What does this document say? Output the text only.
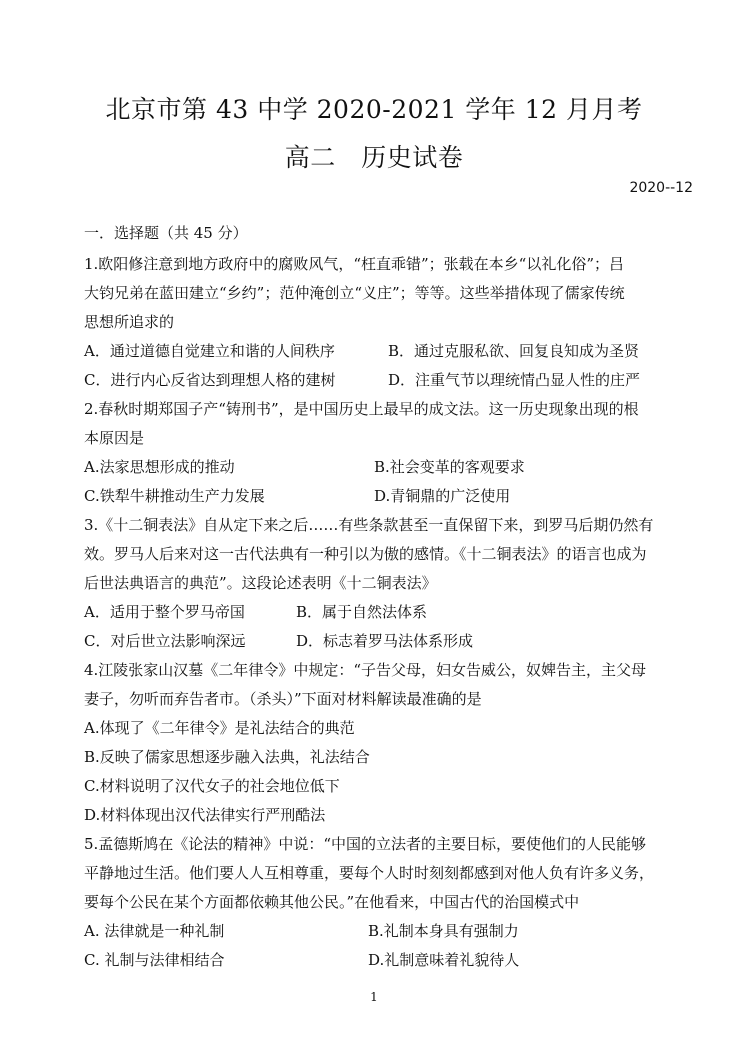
北京市第 43 中学 2020-2021 学年 12 月月考
高二　历史试卷
2020--12
一．选择题（共 45 分）
1.欧阳修注意到地方政府中的腐败风气，“枉直乖错”；张载在本乡“以礼化俗”；吕
大钧兄弟在蓝田建立“乡约”；范仲淹创立“义庄”；等等。这些举措体现了儒家传统
思想所追求的
A．通过道德自觉建立和谐的人间秩序	B．通过克服私欲、回复良知成为圣贤
C．进行内心反省达到理想人格的建树	D．注重气节以理统情凸显人性的庄严
2.春秋时期郑国子产“铸刑书”，是中国历史上最早的成文法。这一历史现象出现的根
本原因是
A.法家思想形成的推动	B.社会变革的客观要求
C.铁犁牛耕推动生产力发展	D.青铜鼎的广泛使用
3.《十二铜表法》自从定下来之后……有些条款甚至一直保留下来，到罗马后期仍然有
效。罗马人后来对这一古代法典有一种引以为傲的感情。《十二铜表法》的语言也成为
后世法典语言的典范”。这段论述表明《十二铜表法》
A．适用于整个罗马帝国	B．属于自然法体系
C．对后世立法影响深远	D．标志着罗马法体系形成
4.江陵张家山汉墓《二年律令》中规定：“子告父母，妇女告威公，奴婢告主，主父母
妻子，勿听而弃告者市。（杀头）”下面对材料解读最准确的是
A.体现了《二年律令》是礼法结合的典范
B.反映了儒家思想逐步融入法典，礼法结合
C.材料说明了汉代女子的社会地位低下
D.材料体现出汉代法律实行严刑酷法
5.孟德斯鸠在《论法的精神》中说：“中国的立法者的主要目标，要使他们的人民能够
平静地过生活。他们要人人互相尊重，要每个人时时刻刻都感到对他人负有许多义务，
要每个公民在某个方面都依赖其他公民。”在他看来，中国古代的治国模式中
A. 法律就是一种礼制	B.礼制本身具有强制力
C. 礼制与法律相结合	D.礼制意味着礼貌待人
1
